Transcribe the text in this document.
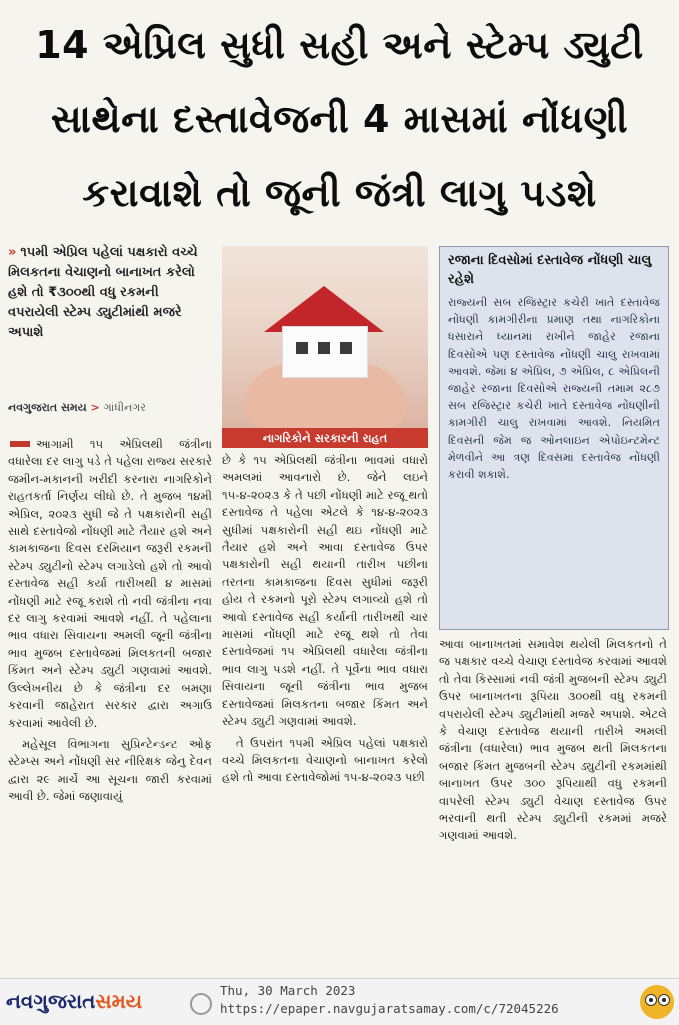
14 એપ્રિલ સુધી સહી અને સ્ટેમ્પ ડ્યુટી
સાથેના દસ્તાવેજની 4 માસમાં નોંધણી
કરાવાશે તો જૂની જંત્રી લાગુ પડશે
» ૧૫મી એપ્રિલ પહેલાં પક્ષકારો વચ્ચે મિલકતના વેચાણનો બાનાખત કરેલો હશે તો ₹૩૦૦થી વધુ રકમની વપરાયેલી સ્ટેમ્પ ડ્યુટીમાંથી મજરે અપાશે
નવગુજરાત સમય > ગાંધીનગર
નાગરિકોને સરકારની રાહત
રજાના દિવસોમાં દસ્તાવેજ નોંધણી ચાલુ રહેશે
રાજ્યની સબ રજિસ્ટ્રાર કચેરી ખાતે દસ્તાવેજ નોંધણી કામગીરીના પ્રમાણ તથા નાગરિકોના ધસારાને ધ્યાનમાં રાખીને જાહેર રજાના દિવસોએ પણ દસ્તાવેજ નોંધણી ચાલુ રાખવામાં આવશે. જેમાં ૪ એપ્રિલ, ૭ એપ્રિલ, ૮ એપ્રિલની જાહેર રજાના દિવસોએ રાજ્યની તમામ ૨૮૭ સબ રજિસ્ટ્રાર કચેરી ખાતે દસ્તાવેજ નોંધણીની કામગીરી ચાલુ રાખવામાં આવશે. નિયમિત દિવસની જેમ જ ઓનલાઇન એપોઇન્ટમેન્ટ મેળવીને આ ત્રણ દિવસમાં દસ્તાવેજ નોંધણી કરાવી શકાશે.

આગામી ૧૫ એપ્રિલથી જંત્રીના વધારેલા દર લાગુ પડે તે પહેલા રાજ્ય સરકારે જમીન-મકાનની ખરીદી કરનારા નાગરિકોને રાહતકર્તા નિર્ણય લીધો છે. તે મુજબ ૧૪મી એપ્રિલ, ૨૦૨૩ સુધી જે તે પક્ષકારોની સહી સાથે દસ્તાવેજો નોંધણી માટે તૈયાર હશે અને કામકાજના દિવસ દરમિયાન જરૂરી રકમની સ્ટેમ્પ ડ્યુટીનો સ્ટેમ્પ લગાડેલો હશે તો આવો દસ્તાવેજ સહી કર્યા તારીખથી ૪ માસમાં નોંધણી માટે રજૂ કરાશે તો નવી જંત્રીના નવા દર લાગુ કરવામાં આવશે નહીં. તે પહેલાના ભાવ વધારા સિવાયના અમલી જૂની જંત્રીના ભાવ મુજબ દસ્તાવેજમાં મિલકતની બજાર કિંમત અને સ્ટેમ્પ ડ્યુટી ગણવામાં આવશે. ઉલ્લેખનીય છે કે જંત્રીના દર બમણા કરવાની જાહેરાત સરકાર દ્વારા અગાઉ કરવામાં આવેલી છે.

મહેસૂલ વિભાગના સુપ્રિન્ટેન્ડન્ટ ઓફ સ્ટેમ્પ્સ અને નોંધણી સર નીરિક્ષક જેનુ દેવન દ્વારા ૨૯ માર્ચે આ સૂચના જારી કરવામાં આવી છે. જેમાં જણાવાયું

છે કે ૧૫ એપ્રિલથી જંત્રીના ભાવમાં વધારો અમલમાં આવનારો છે. જેને લઇને ૧૫-૪-૨૦૨૩ કે તે પછી નોંધણી માટે રજૂ થતો દસ્તાવેજ તે પહેલા એટલે કે ૧૪-૪-૨૦૨૩ સુધીમાં પક્ષકારોની સહી થઇ નોંધણી માટે તૈયાર હશે અને આવા દસ્તાવેજ ઉપર પક્ષકારોની સહી થયાની તારીખ પછીના તરતના કામકાજના દિવસ સુધીમાં જરૂરી હોય તે રકમનો પૂરો સ્ટેમ્પ લગાવ્યો હશે તો આવો દસ્તાવેજ સહી કર્યાની તારીખથી ચાર માસમાં નોંધણી માટે રજૂ થશે તો તેવા દસ્તાવેજમાં ૧૫ એપ્રિલથી વધારેલા જંત્રીના ભાવ લાગુ પડશે નહીં. તે પૂર્વેના ભાવ વધારા સિવાયના જૂની જંત્રીના ભાવ મુજબ દસ્તાવેજમાં મિલકતના બજાર કિંમત અને સ્ટેમ્પ ડ્યુટી ગણવામાં આવશે.

તે ઉપરાંત ૧૫મી એપ્રિલ પહેલાં પક્ષકારો વચ્ચે મિલકતના વેચાણનો બાનાખત કરેલો હશે તો આવા દસ્તાવેજોમાં ૧૫-૪-૨૦૨૩ પછી

આવા બાનાખતમાં સમાવેશ થયેલી મિલકતનો તે જ પક્ષકાર વચ્ચે વેચાણ દસ્તાવેજ કરવામાં આવશે તો તેવા કિસ્સામાં નવી જંત્રી મુજબની સ્ટેમ્પ ડ્યુટી ઉપર બાનાખતના રૂપિયા ૩૦૦થી વધુ રકમની વપરાયેલી સ્ટેમ્પ ડ્યુટીમાંથી મજરે અપાશે. એટલે કે વેચાણ દસ્તાવેજ થયાની તારીખે અમલી જંત્રીના (વધારેલા) ભાવ મુજબ થતી મિલકતના બજાર કિંમત મુજબની સ્ટેમ્પ ડ્યુટીની રકમમાંથી બાનાખત ઉપર ૩૦૦ રૂપિયાથી વધુ રકમની વાપરેલી સ્ટેમ્પ ડ્યુટી વેચાણ દસ્તાવેજ ઉપર ભરવાની થતી સ્ટેમ્પ ડ્યુટીની રકમમાં મજરે ગણવામાં આવશે.

નવગુજરાતસમય	Thu, 30 March 2023
https://epaper.navgujaratsamay.com/c/72045226
